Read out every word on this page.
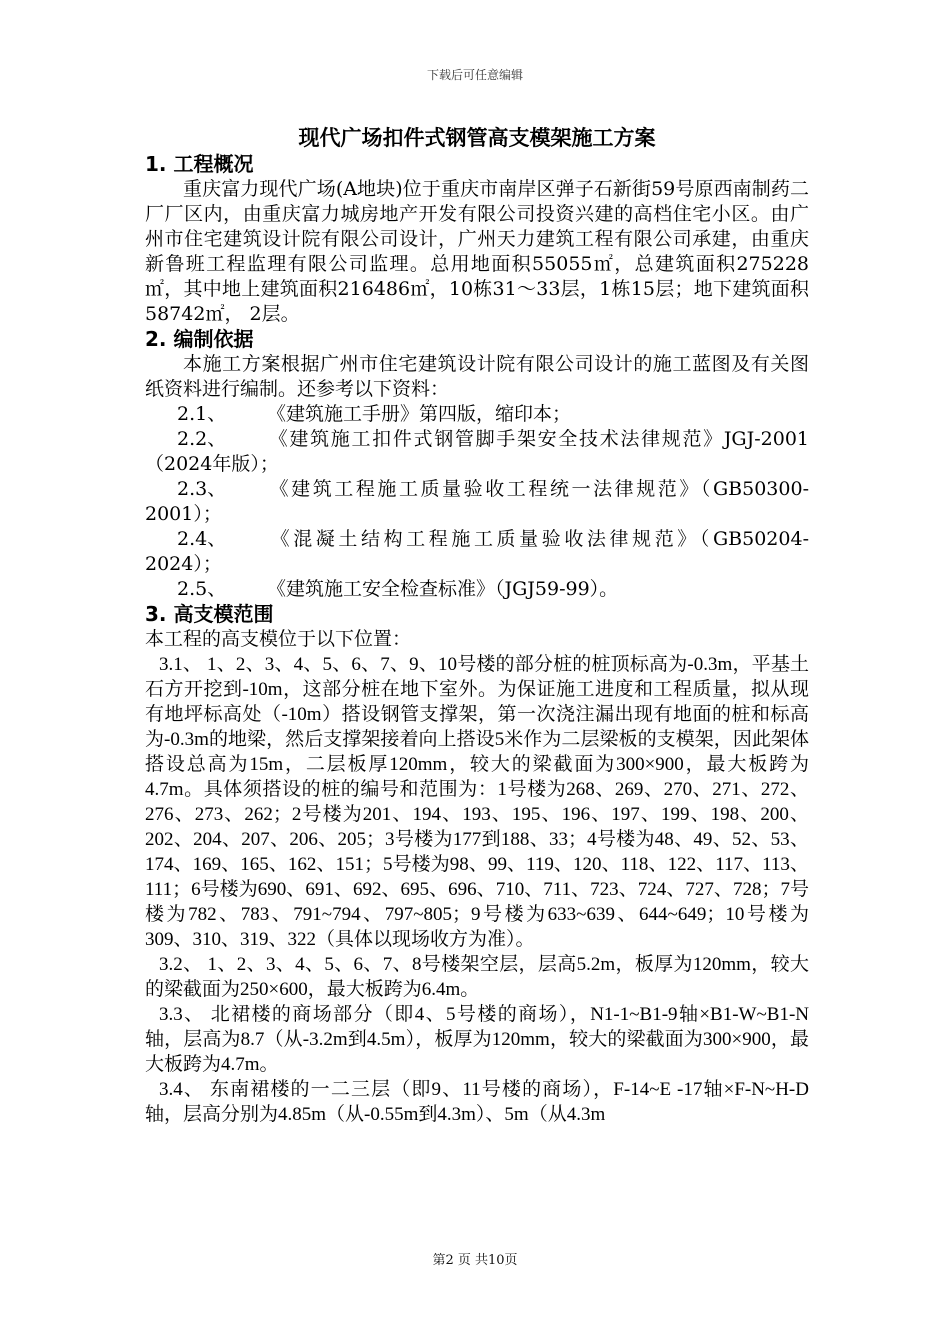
下载后可任意编辑
现代广场扣件式钢管高支模架施工方案
1. 工程概况
重庆富力现代广场(A地块)位于重庆市南岸区弹子石新街59号原西南制药二厂厂区内，由重庆富力城房地产开发有限公司投资兴建的高档住宅小区。由广州市住宅建筑设计院有限公司设计，广州天力建筑工程有限公司承建，由重庆新鲁班工程监理有限公司监理。总用地面积55055㎡，总建筑面积275228㎡，其中地上建筑面积216486㎡，10栋31～33层，1栋15层；地下建筑面积58742㎡， 2层。
2. 编制依据
本施工方案根据广州市住宅建筑设计院有限公司设计的施工蓝图及有关图纸资料进行编制。还参考以下资料：
2.1、 《建筑施工手册》第四版，缩印本；
2.2、 《建筑施工扣件式钢管脚手架安全技术法律规范》JGJ-2001 （2024年版）；
2.3、 《建筑工程施工质量验收工程统一法律规范》（GB50300-2001）；
2.4、 《混凝土结构工程施工质量验收法律规范》（GB50204-2024）；
2.5、 《建筑施工安全检查标准》（JGJ59-99）。
3. 高支模范围
本工程的高支模位于以下位置：
3.1、 1、2、3、4、5、6、7、9、10号楼的部分桩的桩顶标高为-0.3m，平基土石方开挖到-10m，这部分桩在地下室外。为保证施工进度和工程质量，拟从现有地坪标高处（-10m）搭设钢管支撑架，第一次浇注漏出现有地面的桩和标高为-0.3m的地梁，然后支撑架接着向上搭设5米作为二层梁板的支模架，因此架体搭设总高为15m，二层板厚120mm，较大的梁截面为300×900，最大板跨为4.7m。具体须搭设的桩的编号和范围为：1号楼为268、269、270、271、272、276、273、262；2号楼为201、194、193、195、196、197、199、198、200、202、204、207、206、205；3号楼为177到188、33；4号楼为48、49、52、53、174、169、165、162、151；5号楼为98、99、119、120、118、122、117、113、111；6号楼为690、691、692、695、696、710、711、723、724、727、728；7号楼为782、783、791~794、797~805；9号楼为633~639、644~649；10号楼为309、310、319、322（具体以现场收方为准）。
3.2、 1、2、3、4、5、6、7、8号楼架空层，层高5.2m，板厚为120mm，较大的梁截面为250×600，最大板跨为6.4m。
3.3、 北裙楼的商场部分（即4、5号楼的商场），N1-1~B1-9轴×B1-W~B1-N轴，层高为8.7（从-3.2m到4.5m），板厚为120mm，较大的梁截面为300×900，最大板跨为4.7m。
3.4、 东南裙楼的一二三层（即9、11号楼的商场），F-14~E -17轴×F-N~H-D轴，层高分别为4.85m（从-0.55m到4.3m）、5m（从4.3m
第2 页 共10页
